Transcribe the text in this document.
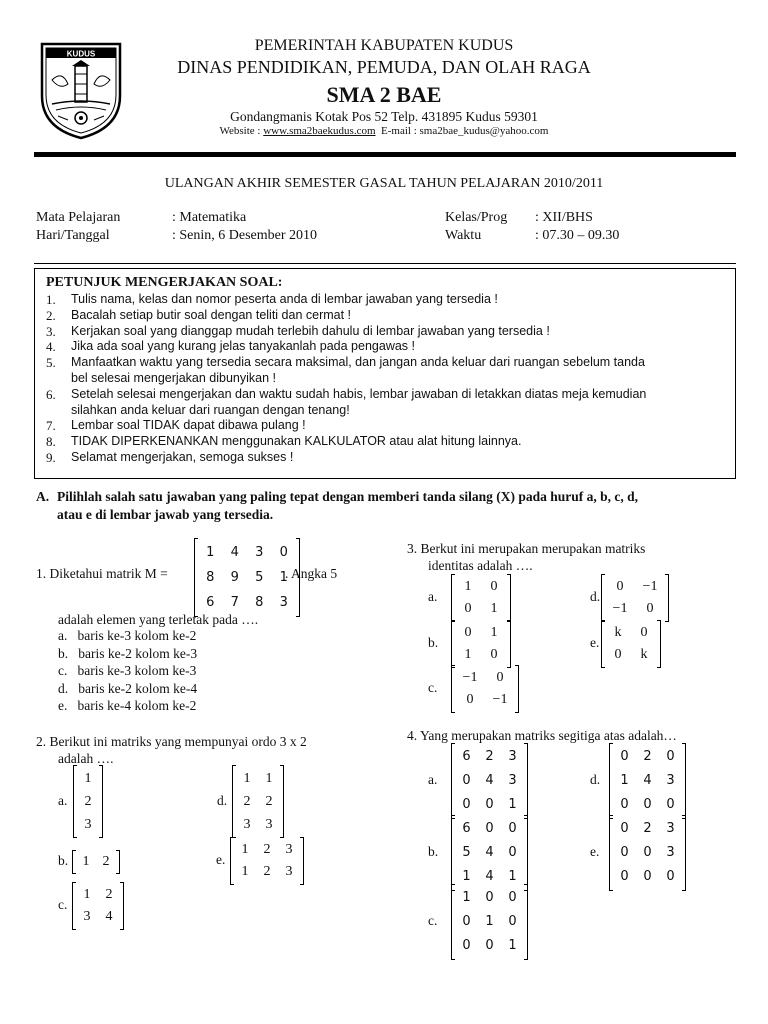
KUDUS	PEMERINTAH KABUPATEN KUDUS
DINAS PENDIDIKAN, PEMUDA, DAN OLAH RAGA
SMA 2 BAE
Gondangmanis Kotak Pos 52 Telp. 431895 Kudus 59301
Website : www.sma2baekudus.com  E-mail : sma2bae_kudus@yahoo.com
ULANGAN AKHIR SEMESTER GASAL TAHUN PELAJARAN 2010/2011
Mata Pelajaran	: Matematika
Hari/Tanggal	: Senin, 6 Desember 2010
Kelas/Prog : XII/BHS
Waktu	: 07.30 – 09.30
PETUNJUK MENGERJAKAN SOAL:
1. Tulis nama, kelas dan nomor peserta anda di lembar jawaban yang tersedia !
2. Bacalah setiap butir soal dengan teliti dan cermat !
3. Kerjakan soal yang dianggap mudah terlebih dahulu di lembar jawaban yang tersedia !
4. Jika ada soal yang kurang jelas tanyakanlah pada pengawas !
5. Manfaatkan waktu yang tersedia secara maksimal, dan jangan anda keluar dari ruangan sebelum tanda
bel selesai mengerjakan dibunyikan !
6. Setelah selesai mengerjakan dan waktu sudah habis, lembar jawaban di letakkan diatas meja kemudian
silahkan anda keluar dari ruangan dengan tenang!
7. Lembar soal TIDAK dapat dibawa pulang !
8. TIDAK DIPERKENANKAN menggunakan KALKULATOR atau alat hitung lainnya.
9. Selamat mengerjakan, semoga sukses !
A. Pilihlah salah satu jawaban yang paling tepat dengan memberi tanda silang (X) pada huruf a, b, c, d,
atau e di lembar jawab yang tersedia.
1. Diketahui matrik M =	. Angka 5
adalah elemen yang terletak pada ….
a.   baris ke-3 kolom ke-2
b.   baris ke-2 kolom ke-3
c.   baris ke-3 kolom ke-3
d.   baris ke-2 kolom ke-4
e.   baris ke-4 kolom ke-2
2. Berikut ini matriks yang mempunyai ordo 3 x 2
adalah ….
3. Berkut ini merupakan merupakan matriks
identitas adalah ….
4. Yang merupakan matriks segitiga atas adalah…
1	4	3	0
8	9	5	1
6	7	8	3
1
2
3
a.
1 2
b.
1	2
3	4
c.
1	1
2	2
3	3
d.
1	2	3
1	2	3
e.
1	0
0	1
a.
0	1
1	0
b.
−1	0
0	−1
c.
0	−1
−1	0
d.
k	0
0	k
e.
6	2	3
0	4	3
0	0	1
a.
6	0	0
5	4	0
1	4	1
b.
1	0	0
0	1	0
0	0	1
c.
0	2	0
1	4	3
0	0	0
d.
0	2	3
0	0	3
0	0	0
e.
